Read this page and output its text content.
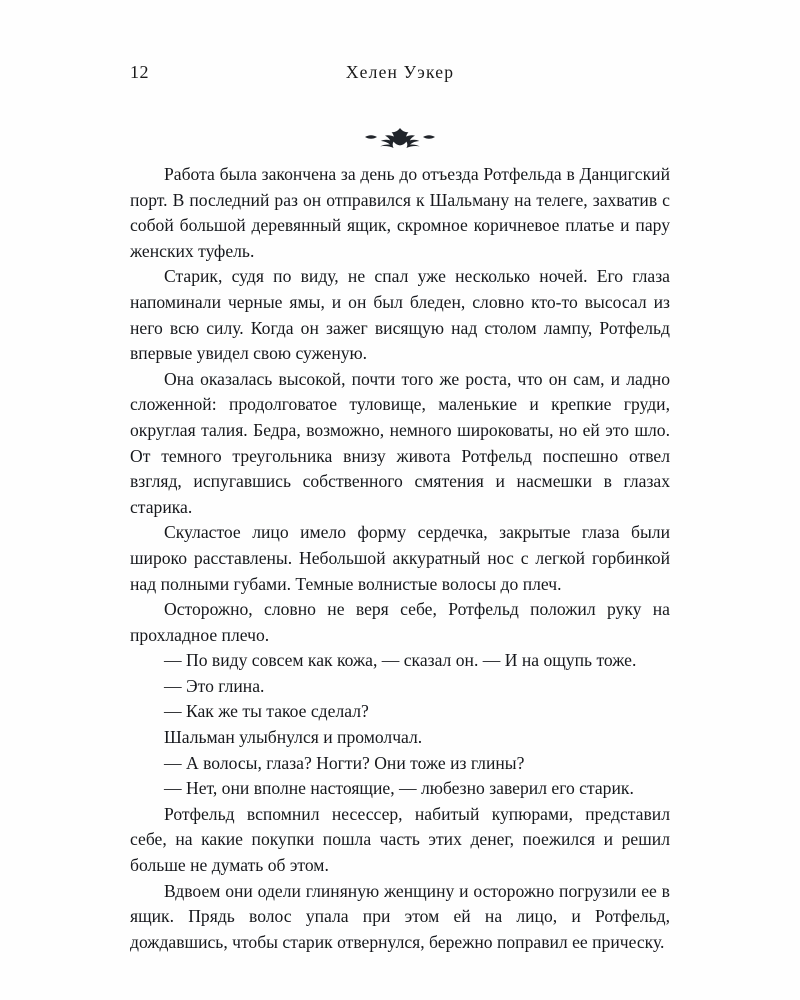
12	Хелен Уэкер

Работа была закончена за день до отъезда Ротфельда в Данцигский порт. В последний раз он отправился к Шальману на телеге, захватив с собой большой деревянный ящик, скромное коричневое платье и пару женских туфель.

Старик, судя по виду, не спал уже несколько ночей. Его глаза напоминали черные ямы, и он был бледен, словно кто-то высосал из него всю силу. Когда он зажег висящую над столом лампу, Ротфельд впервые увидел свою суженую.

Она оказалась высокой, почти того же роста, что он сам, и ладно сложенной: продолговатое туловище, маленькие и крепкие груди, округлая талия. Бедра, возможно, немного широковаты, но ей это шло. От темного треугольника внизу живота Ротфельд поспешно отвел взгляд, испугавшись собственного смятения и насмешки в глазах старика.

Скуластое лицо имело форму сердечка, закрытые глаза были широко расставлены. Небольшой аккуратный нос с легкой горбинкой над полными губами. Темные волнистые волосы до плеч.

Осторожно, словно не веря себе, Ротфельд положил руку на прохладное плечо.

— По виду совсем как кожа, — сказал он. — И на ощупь тоже.

— Это глина.

— Как же ты такое сделал?

Шальман улыбнулся и промолчал.

— А волосы, глаза? Ногти? Они тоже из глины?

— Нет, они вполне настоящие, — любезно заверил его старик.

Ротфельд вспомнил несессер, набитый купюрами, представил себе, на какие покупки пошла часть этих денег, поежился и решил больше не думать об этом.

Вдвоем они одели глиняную женщину и осторожно погрузили ее в ящик. Прядь волос упала при этом ей на лицо, и Ротфельд, дождавшись, чтобы старик отвернулся, бережно поправил ее прическу.
